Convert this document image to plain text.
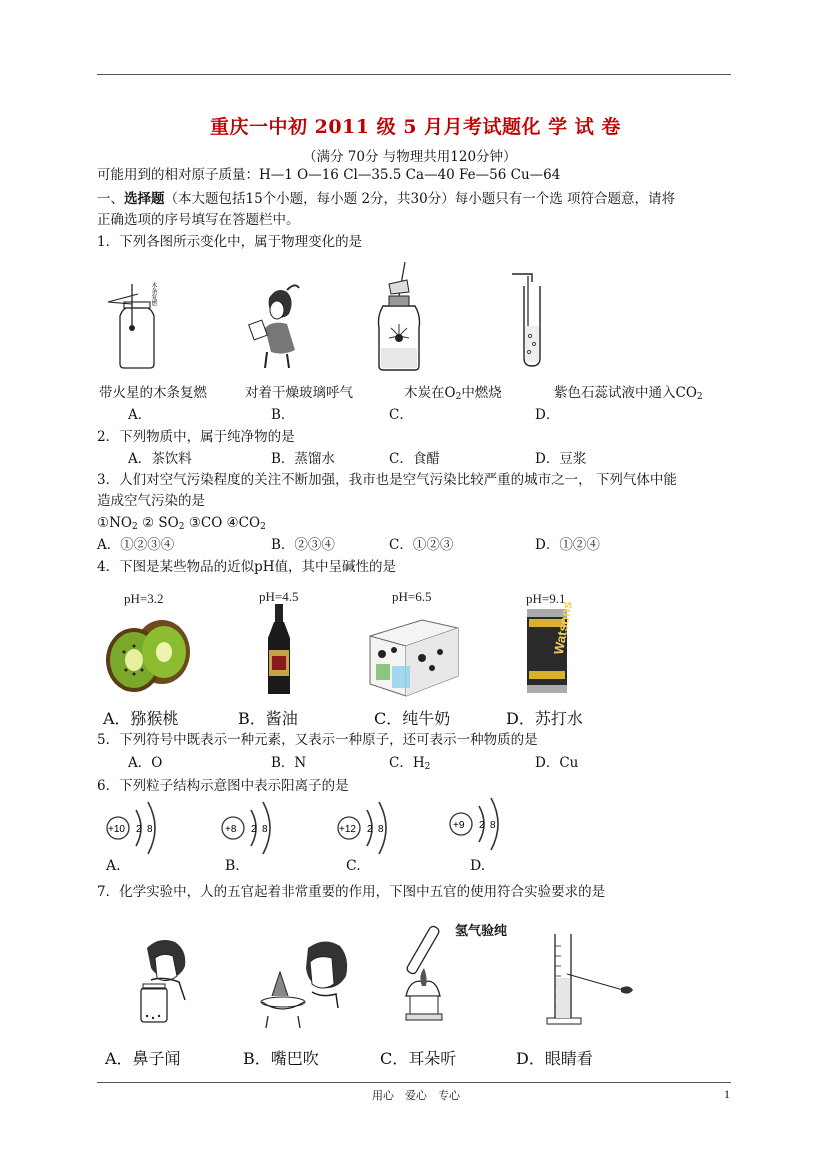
重庆一中初 2011 级 5 月月考试题化 学 试 卷
（满分 70分 与物理共用120分钟）
可能用到的相对原子质量：H—1 O—16 Cl—35.5 Ca—40 Fe—56 Cu—64
一、选择题（本大题包括15个小题，每小题 2分，共30分）每小题只有一个选 项符合题意，请将
正确选项的序号填写在答题栏中。
1．下列各图所示变化中，属于物理变化的是
木条复燃
带火星的木条复燃	对着干燥玻璃呼气	木炭在$O_2$中燃烧	紫色石蕊试液中通入$CO_2$
A．	B．	C．	D．
2．下列物质中，属于纯净物的是
A．茶饮料	B．蒸馏水	C．食醋	D．豆浆
3．人们对空气污染程度的关注不断加强，我市也是空气污染比较严重的城市之一， 下列气体中能
造成空气污染的是
$①NO_2$ ② $SO_2$ ③CO $④CO_2$
A．①②③④	B．②③④	C．①②③	D．①②④
4．下图是某些物品的近似pH值，其中呈碱性的是
pH=3.2	pH=4.5	pH=6.5	pH=9.1
Watsons
A．猕猴桃	B．酱油	C．纯牛奶	D．苏打水
5．下列符号中既表示一种元素，又表示一种原子，还可表示一种物质的是
A．O	B．N	C．$H_2$	D．Cu
6．下列粒子结构示意图中表示阳离子的是
+10 2 8	+8 2 8	+12 2 8	+9 2 8
A.	B.	C.	D.
7．化学实验中，人的五官起着非常重要的作用，下图中五官的使用符合实验要求的是
氢气验纯
A．鼻子闻	B．嘴巴吹	C．耳朵听	D．眼睛看
用心　爱心　专心	1
